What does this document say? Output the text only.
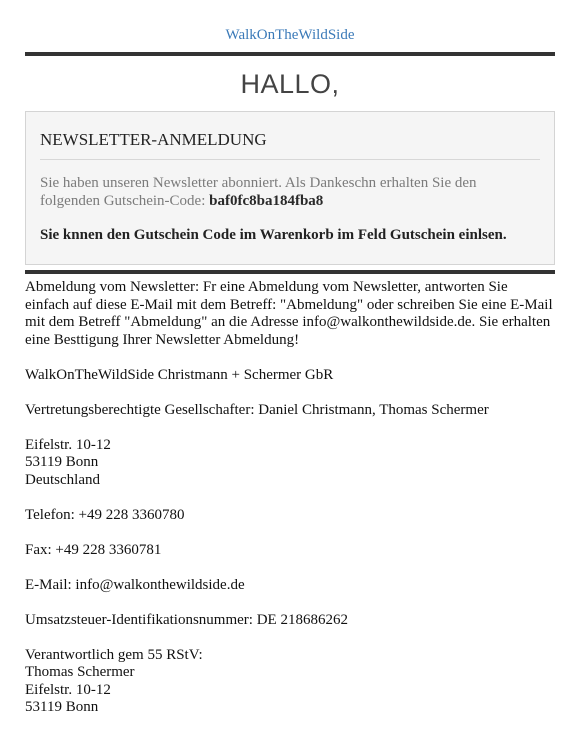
WalkOnTheWildSide
HALLO,
NEWSLETTER-ANMELDUNG
Sie haben unseren Newsletter abonniert. Als Dankeschn erhalten Sie den folgenden Gutschein-Code: baf0fc8ba184fba8
Sie knnen den Gutschein Code im Warenkorb im Feld Gutschein einlsen.

Abmeldung vom Newsletter: Fr eine Abmeldung vom Newsletter, antworten Sie einfach auf diese E-Mail mit dem Betreff: "Abmeldung" oder schreiben Sie eine E-Mail mit dem Betreff "Abmeldung" an die Adresse info@walkonthewildside.de. Sie erhalten eine Besttigung Ihrer Newsletter Abmeldung!

WalkOnTheWildSide Christmann + Schermer GbR

Vertretungsberechtigte Gesellschafter: Daniel Christmann, Thomas Schermer

Eifelstr. 10-12
53119 Bonn
Deutschland

Telefon: +49 228 3360780

Fax: +49 228 3360781

E-Mail: info@walkonthewildside.de

Umsatzsteuer-Identifikationsnummer: DE 218686262

Verantwortlich gem 55 RStV:
Thomas Schermer
Eifelstr. 10-12
53119 Bonn
